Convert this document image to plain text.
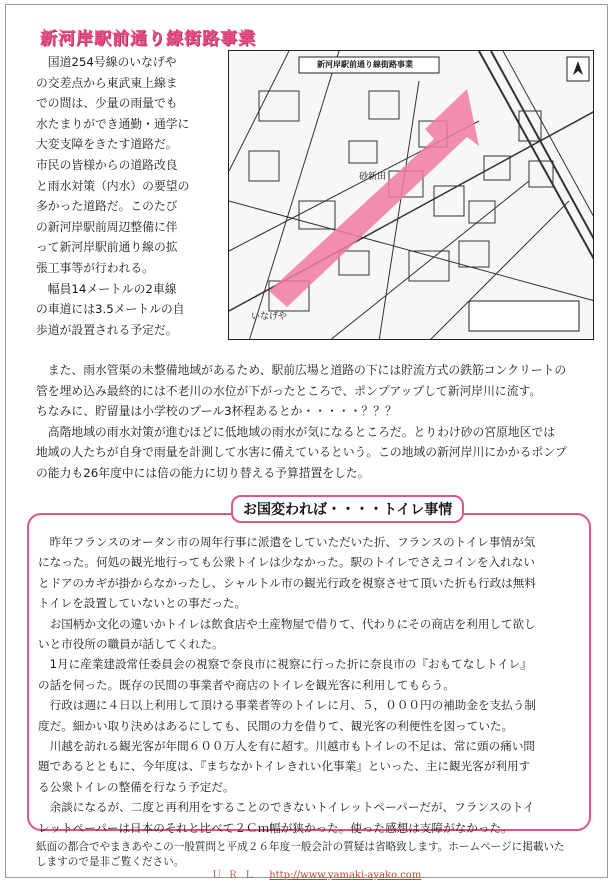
新河岸駅前通り線街路事業

国道254号線のいなげや

の交差点から東武東上線ま

での間は、少量の雨量でも

水たまりができ通勤・通学に

大変支障をきたす道路だ。

市民の皆様からの道路改良

と雨水対策（内水）の要望の

多かった道路だ。このたび

の新河岸駅前周辺整備に伴

って新河岸駅前通り線の拡

張工事等が行われる。

幅員14メートルの2車線

の車道には3.5メートルの自

歩道が設置される予定だ。

新河岸駅前通り線街路事業
砂新田
いなげや

また、雨水管渠の未整備地域があるため、駅前広場と道路の下には貯流方式の鉄筋コンクリートの

管を埋め込み最終的には不老川の水位が下がったところで、ポンプアップして新河岸川に流す。

ちなみに、貯留量は小学校のプール3杯程あるとか・・・・・？？？

高階地域の雨水対策が進むほどに低地域の雨水が気になるところだ。とりわけ砂の宮原地区では

地域の人たちが自身で雨量を計測して水害に備えているという。この地域の新河岸川にかかるポンプ

の能力も26年度中には倍の能力に切り替える予算措置をした。

お国変われば・・・・トイレ事情

昨年フランスのオータン市の周年行事に派遣をしていただいた折、フランスのトイレ事情が気

になった。何処の観光地行っても公衆トイレは少なかった。駅のトイレでさえコインを入れない

とドアのカギが掛からなかったし、シャルトル市の観光行政を視察させて頂いた折も行政は無料

トイレを設置していないとの事だった。

お国柄か文化の違いかトイレは飲食店や土産物屋で借りて、代わりにその商店を利用して欲し

いと市役所の職員が話してくれた。

1月に産業建設常任委員会の視察で奈良市に視察に行った折に奈良市の『おもてなしトイレ』

の話を伺った。既存の民間の事業者や商店のトイレを観光客に利用してもらう。

行政は週に４日以上利用して頂ける事業者等のトイレに月、５，０００円の補助金を支払う制

度だ。細かい取り決めはあるにしても、民間の力を借りて、観光客の利便性を図っていた。

川越を訪れる観光客が年間６００万人を有に超す。川越市もトイレの不足は、常に頭の痛い問

題であるとともに、今年度は、『まちなかトイレきれい化事業』といった、主に観光客が利用す

る公衆トイレの整備を行なう予定だ。

余談になるが、二度と再利用をすることのできないトイレットペーパーだが、フランスのトイ

レットペーパーは日本のそれと比べて２Ｃｍ幅が狭かった。使った感想は支障がなかった。

紙面の都合でやまきあやこの一般質問と平成２６年度一般会計の質疑は省略致します。ホームページに掲載いた

しますので是非ご覧ください。

ＵＲＬ http://www.yamaki-ayako.com
